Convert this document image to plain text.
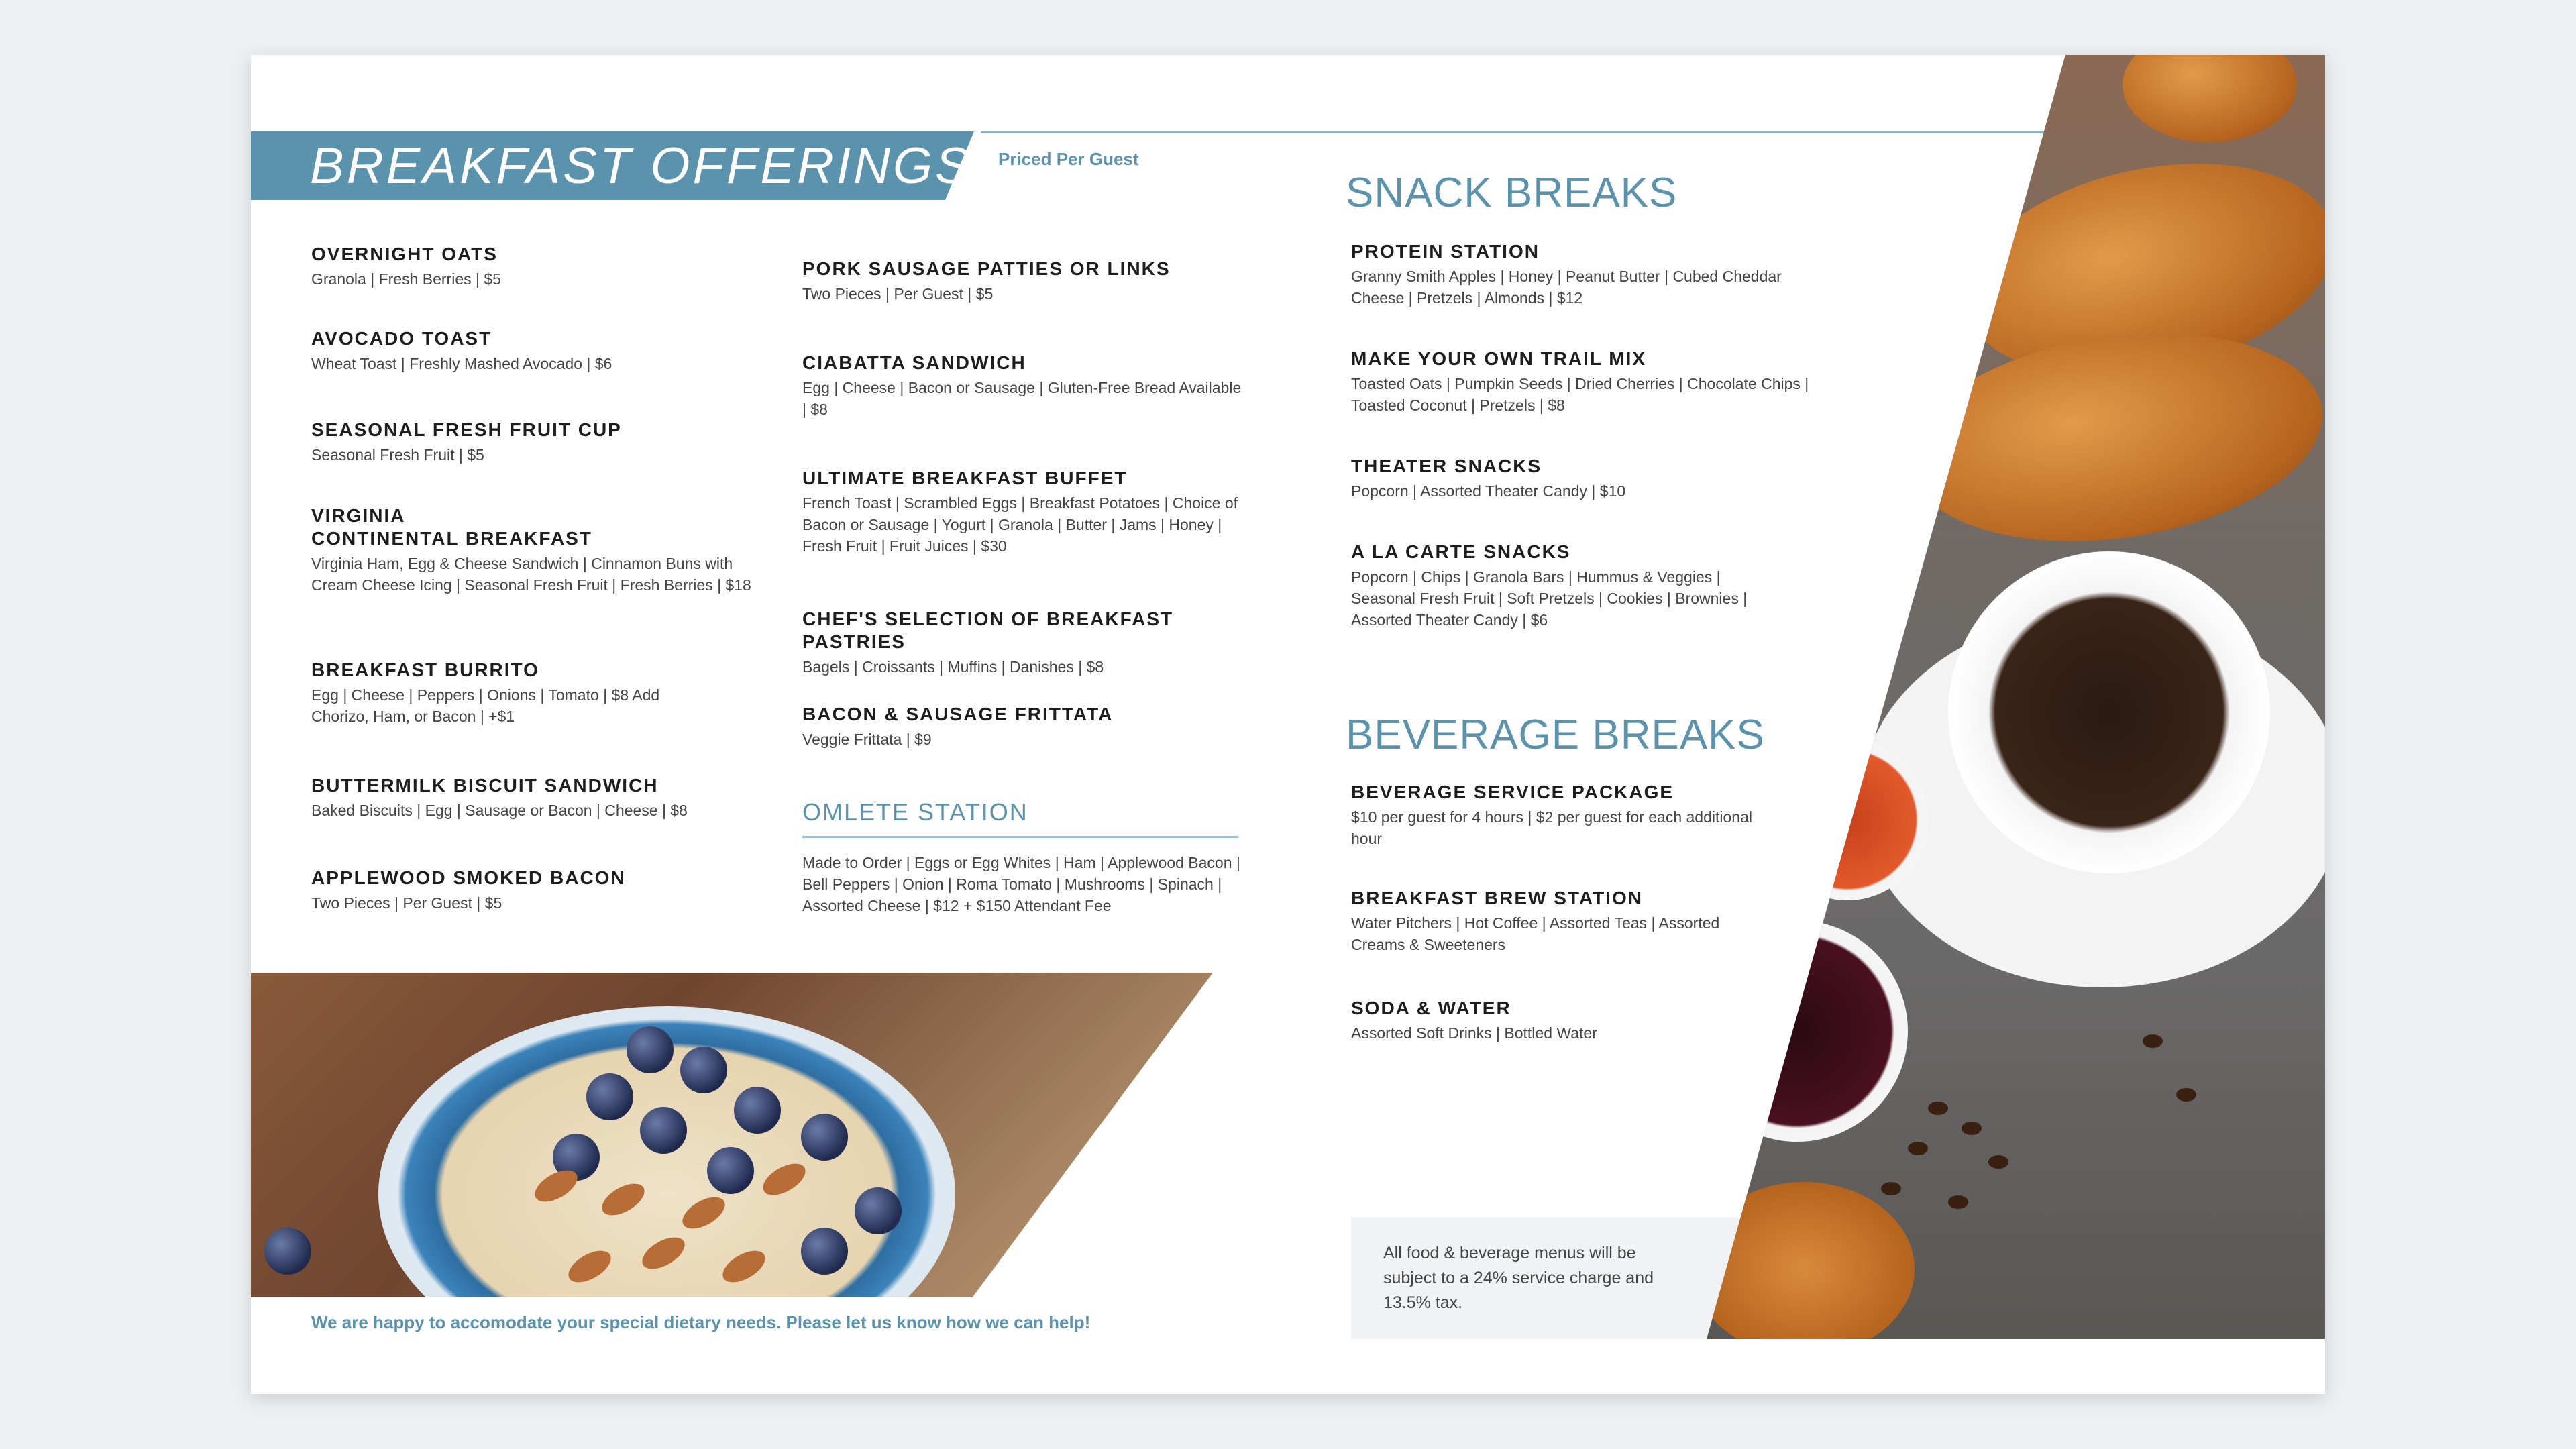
BREAKFAST OFFERINGS Priced Per Guest
OVERNIGHT OATS
Granola | Fresh Berries | $5
AVOCADO TOAST
Wheat Toast | Freshly Mashed Avocado | $6
SEASONAL FRESH FRUIT CUP
Seasonal Fresh Fruit | $5
VIRGINIA
CONTINENTAL BREAKFAST
Virginia Ham, Egg & Cheese Sandwich | Cinnamon Buns with Cream Cheese Icing | Seasonal Fresh Fruit | Fresh Berries | $18
BREAKFAST BURRITO
Egg | Cheese | Peppers | Onions | Tomato | $8 Add Chorizo, Ham, or Bacon | +$1
BUTTERMILK BISCUIT SANDWICH
Baked Biscuits | Egg | Sausage or Bacon | Cheese | $8
APPLEWOOD SMOKED BACON
Two Pieces | Per Guest | $5
PORK SAUSAGE PATTIES OR LINKS
Two Pieces | Per Guest | $5
CIABATTA SANDWICH
Egg | Cheese | Bacon or Sausage | Gluten-Free Bread Available | $8
ULTIMATE BREAKFAST BUFFET
French Toast | Scrambled Eggs | Breakfast Potatoes | Choice of Bacon or Sausage | Yogurt | Granola | Butter | Jams | Honey | Fresh Fruit | Fruit Juices | $30
CHEF'S SELECTION OF BREAKFAST PASTRIES
Bagels | Croissants | Muffins | Danishes | $8
BACON & SAUSAGE FRITTATA
Veggie Frittata | $9
OMLETE STATION
Made to Order | Eggs or Egg Whites | Ham | Applewood Bacon | Bell Peppers | Onion | Roma Tomato | Mushrooms | Spinach | Assorted Cheese | $12 + $150 Attendant Fee
SNACK BREAKS
PROTEIN STATION
Granny Smith Apples | Honey | Peanut Butter | Cubed Cheddar Cheese | Pretzels | Almonds | $12
MAKE YOUR OWN TRAIL MIX
Toasted Oats | Pumpkin Seeds | Dried Cherries | Chocolate Chips | Toasted Coconut | Pretzels | $8
THEATER SNACKS
Popcorn | Assorted Theater Candy | $10
A LA CARTE SNACKS
Popcorn | Chips | Granola Bars | Hummus & Veggies | Seasonal Fresh Fruit | Soft Pretzels | Cookies | Brownies | Assorted Theater Candy | $6
BEVERAGE BREAKS
BEVERAGE SERVICE PACKAGE
$10 per guest for 4 hours | $2 per guest for each additional hour
BREAKFAST BREW STATION
Water Pitchers | Hot Coffee | Assorted Teas | Assorted Creams & Sweeteners
SODA & WATER
Assorted Soft Drinks | Bottled Water
All food & beverage menus will be subject to a 24% service charge and 13.5% tax.
We are happy to accomodate your special dietary needs. Please let us know how we can help!
